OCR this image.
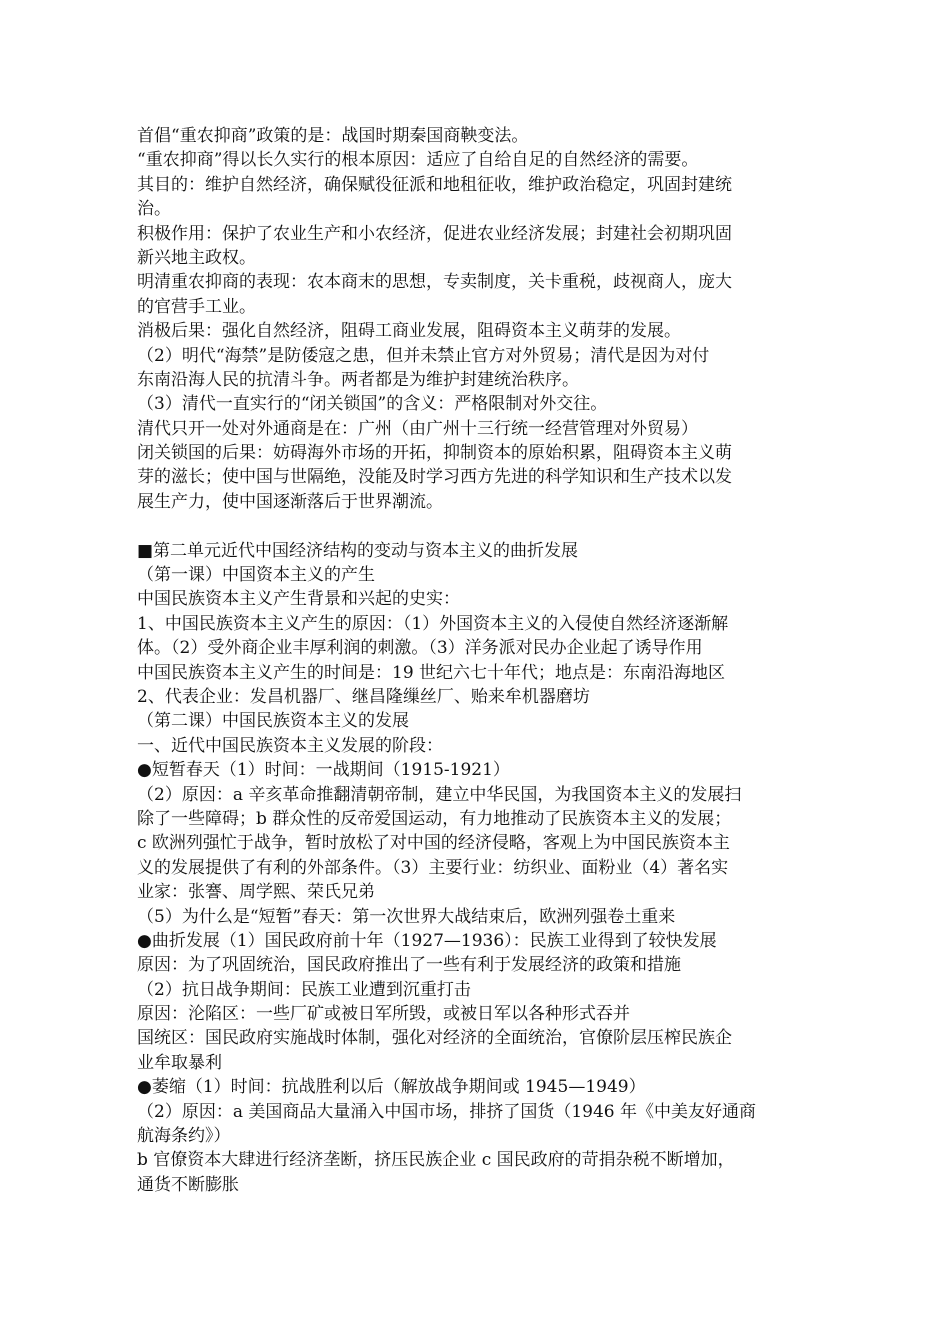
首倡“重农抑商”政策的是：战国时期秦国商鞅变法。
“重农抑商”得以长久实行的根本原因：适应了自给自足的自然经济的需要。
其目的：维护自然经济，确保赋役征派和地租征收，维护政治稳定，巩固封建统
治。
积极作用：保护了农业生产和小农经济，促进农业经济发展；封建社会初期巩固
新兴地主政权。
明清重农抑商的表现：农本商末的思想，专卖制度，关卡重税，歧视商人，庞大
的官营手工业。
消极后果：强化自然经济，阻碍工商业发展，阻碍资本主义萌芽的发展。
（2）明代“海禁”是防倭寇之患，但并未禁止官方对外贸易；清代是因为对付
东南沿海人民的抗清斗争。两者都是为维护封建统治秩序。
（3）清代一直实行的“闭关锁国”的含义：严格限制对外交往。
清代只开一处对外通商是在：广州（由广州十三行统一经营管理对外贸易）
闭关锁国的后果：妨碍海外市场的开拓，抑制资本的原始积累，阻碍资本主义萌
芽的滋长；使中国与世隔绝，没能及时学习西方先进的科学知识和生产技术以发
展生产力，使中国逐渐落后于世界潮流。
■第二单元近代中国经济结构的变动与资本主义的曲折发展
（第一课）中国资本主义的产生
中国民族资本主义产生背景和兴起的史实：
1、中国民族资本主义产生的原因：（1）外国资本主义的入侵使自然经济逐渐解
体。（2）受外商企业丰厚利润的刺激。（3）洋务派对民办企业起了诱导作用
中国民族资本主义产生的时间是：19 世纪六七十年代；地点是：东南沿海地区
2、代表企业：发昌机器厂、继昌隆缫丝厂、贻来牟机器磨坊
（第二课）中国民族资本主义的发展
一、近代中国民族资本主义发展的阶段：
●短暂春天（1）时间：一战期间（1915-1921）
（2）原因：a 辛亥革命推翻清朝帝制，建立中华民国，为我国资本主义的发展扫
除了一些障碍；b 群众性的反帝爱国运动，有力地推动了民族资本主义的发展；
c 欧洲列强忙于战争，暂时放松了对中国的经济侵略，客观上为中国民族资本主
义的发展提供了有利的外部条件。（3）主要行业：纺织业、面粉业（4）著名实
业家：张謇、周学熙、荣氏兄弟
（5）为什么是“短暂”春天：第一次世界大战结束后，欧洲列强卷土重来
●曲折发展（1）国民政府前十年（1927—1936）：民族工业得到了较快发展
原因：为了巩固统治，国民政府推出了一些有利于发展经济的政策和措施
（2）抗日战争期间：民族工业遭到沉重打击
原因：沦陷区：一些厂矿或被日军所毁，或被日军以各种形式吞并
国统区：国民政府实施战时体制，强化对经济的全面统治，官僚阶层压榨民族企
业牟取暴利
●萎缩（1）时间：抗战胜利以后（解放战争期间或 1945—1949）
（2）原因：a 美国商品大量涌入中国市场，排挤了国货（1946 年《中美友好通商
航海条约》）
b 官僚资本大肆进行经济垄断，挤压民族企业 c 国民政府的苛捐杂税不断增加，
通货不断膨胀
